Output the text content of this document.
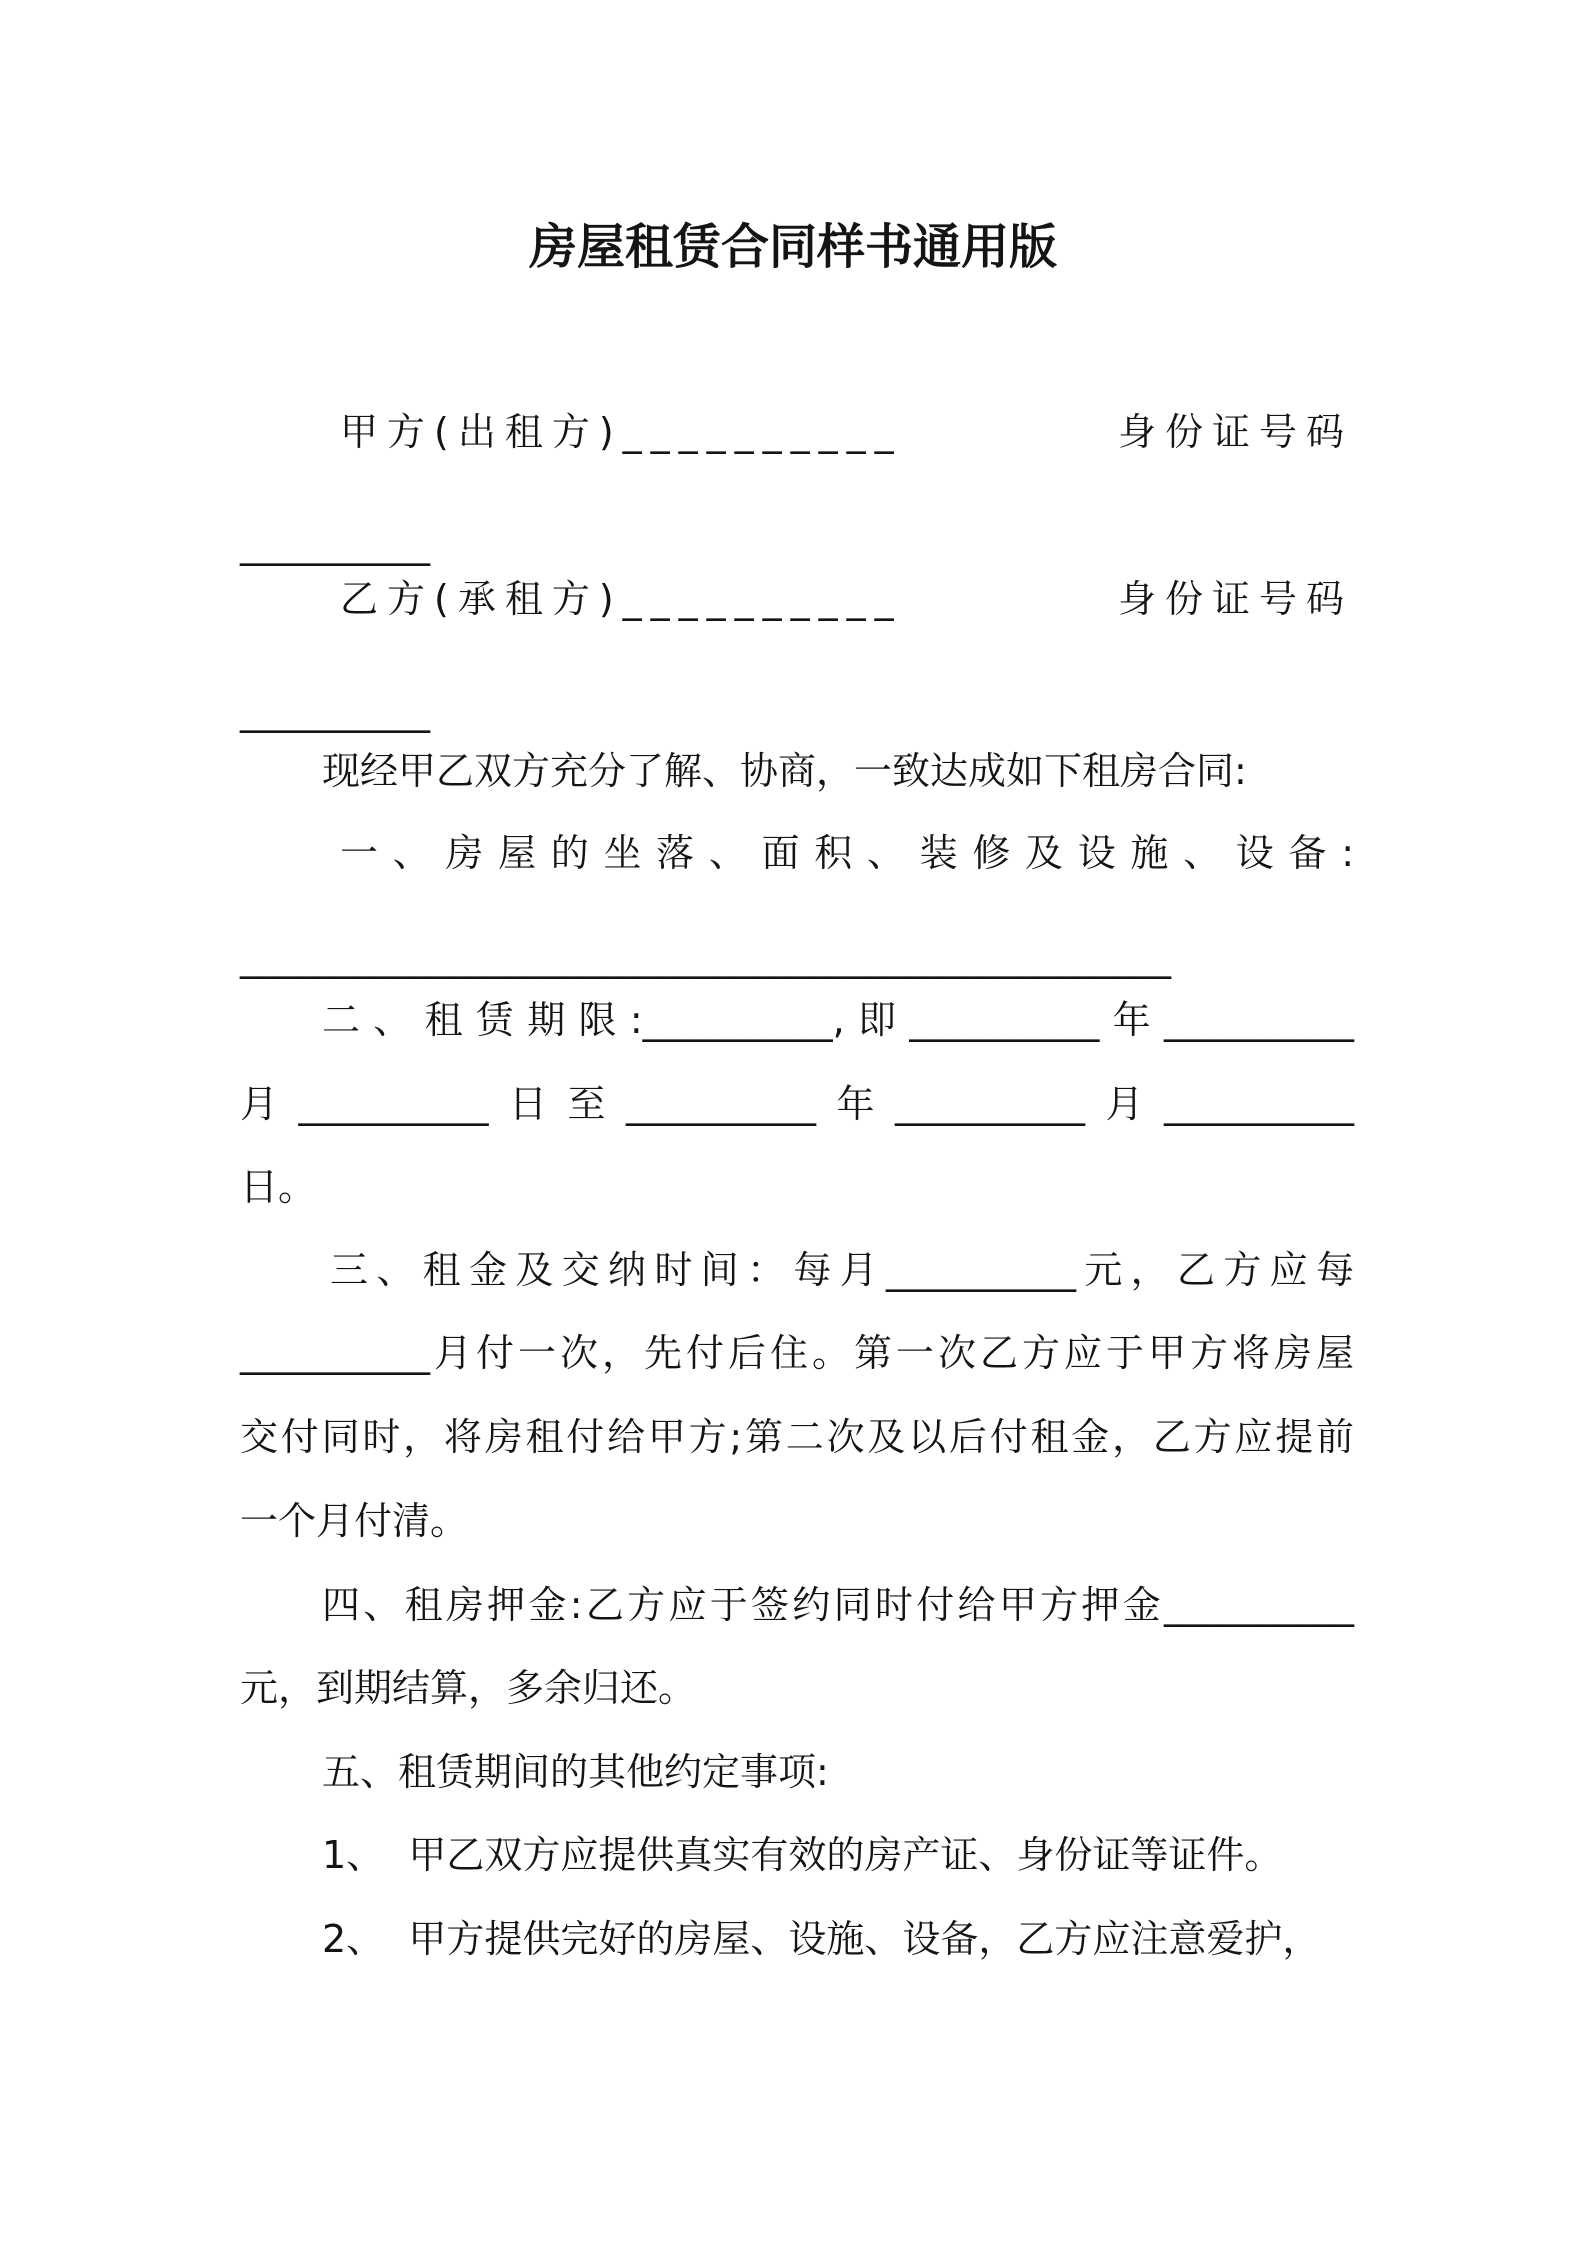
房屋租赁合同样书通用版

甲方(出租方)__________	身份证号码

__________

乙方(承租方)__________	身份证号码

__________

现经甲乙双方充分了解、协商，一致达成如下租房合同:

一、房屋的坐落、面积、装修及设施、设备:

_________________________________________________

二、租赁期限:__________,即__________年__________

月__________日至__________年__________月__________

日。

三、租金及交纳时间：每月__________元，乙方应每

__________月付一次，先付后住。第一次乙方应于甲方将房屋

交付同时，将房租付给甲方;第二次及以后付租金，乙方应提前

一个月付清。

四、租房押金:乙方应于签约同时付给甲方押金__________

元，到期结算，多余归还。

五、租赁期间的其他约定事项:

1、  甲乙双方应提供真实有效的房产证、身份证等证件。

2、  甲方提供完好的房屋、设施、设备，乙方应注意爱护，
